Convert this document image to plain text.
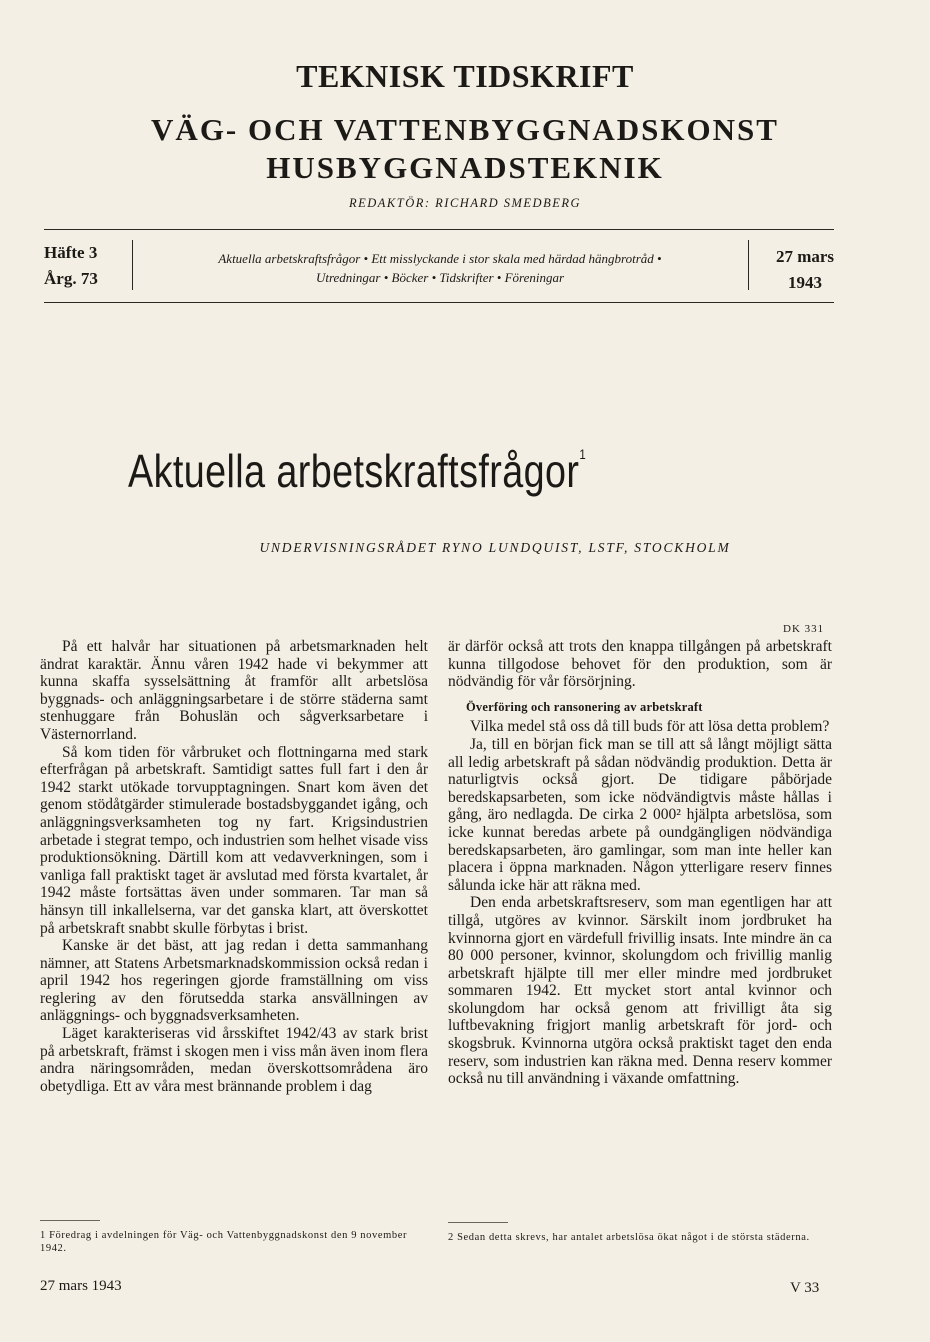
TEKNISK TIDSKRIFT
VÄG- OCH VATTENBYGGNADSKONST
HUSBYGGNADSTEKNIK
REDAKTÖR: RICHARD SMEDBERG
Häfte 3
Årg. 73
Aktuella arbetskraftsfrågor • Ett misslyckande i stor skala med härdad hängbrotråd •
Utredningar • Böcker • Tidskrifter • Föreningar
27 mars
1943
Aktuella arbetskraftsfrågor$^1$
UNDERVISNINGSRÅDET RYNO LUNDQUIST, LSTF, STOCKHOLM
DK 331

På ett halvår har situationen på arbetsmarknaden helt ändrat karaktär. Ännu våren 1942 hade vi bekymmer att kunna skaffa sysselsättning åt framför allt arbetslösa byggnads- och anläggningsarbetare i de större städerna samt stenhuggare från Bohuslän och sågverksarbetare i Västernorrland.

Så kom tiden för vårbruket och flottningarna med stark efterfrågan på arbetskraft. Samtidigt sattes full fart i den år 1942 starkt utökade torvupptagningen. Snart kom även det genom stödåtgärder stimulerade bostadsbyggandet igång, och anläggningsverksamheten tog ny fart. Krigsindustrien arbetade i stegrat tempo, och industrien som helhet visade viss produktionsökning. Därtill kom att vedavverkningen, som i vanliga fall praktiskt taget är avslutad med första kvartalet, år 1942 måste fortsättas även under sommaren. Tar man så hänsyn till inkallelserna, var det ganska klart, att överskottet på arbetskraft snabbt skulle förbytas i brist.

Kanske är det bäst, att jag redan i detta sammanhang nämner, att Statens Arbetsmarknadskommission också redan i april 1942 hos regeringen gjorde framställning om viss reglering av den förutsedda starka ansvällningen av anläggnings- och byggnadsverksamheten.

Läget karakteriseras vid årsskiftet 1942/43 av stark brist på arbetskraft, främst i skogen men i viss mån även inom flera andra näringsområden, medan överskottsområdena äro obetydliga. Ett av våra mest brännande problem i dag

är därför också att trots den knappa tillgången på arbetskraft kunna tillgodose behovet för den produktion, som är nödvändig för vår försörjning.

Överföring och ransonering av arbetskraft

Vilka medel stå oss då till buds för att lösa detta problem?

Ja, till en början fick man se till att så långt möjligt sätta all ledig arbetskraft på sådan nödvändig produktion. Detta är naturligtvis också gjort. De tidigare påbörjade beredskapsarbeten, som icke nödvändigtvis måste hållas i gång, äro nedlagda. De cirka 2 000² hjälpta arbetslösa, som icke kunnat beredas arbete på oundgängligen nödvändiga beredskapsarbeten, äro gamlingar, som man inte heller kan placera i öppna marknaden. Någon ytterligare reserv finnes sålunda icke här att räkna med.

Den enda arbetskraftsreserv, som man egentligen har att tillgå, utgöres av kvinnor. Särskilt inom jordbruket ha kvinnorna gjort en värdefull frivillig insats. Inte mindre än ca 80 000 personer, kvinnor, skolungdom och frivillig manlig arbetskraft hjälpte till mer eller mindre med jordbruket sommaren 1942. Ett mycket stort antal kvinnor och skolungdom har också genom att frivilligt åta sig luftbevakning frigjort manlig arbetskraft för jord- och skogsbruk. Kvinnorna utgöra också praktiskt taget den enda reserv, som industrien kan räkna med. Denna reserv kommer också nu till användning i växande omfattning.

1 Föredrag i avdelningen för Väg- och Vattenbyggnadskonst den 9 november 1942.
2 Sedan detta skrevs, har antalet arbetslösa ökat något i de största städerna.
27 mars 1943	V 33
